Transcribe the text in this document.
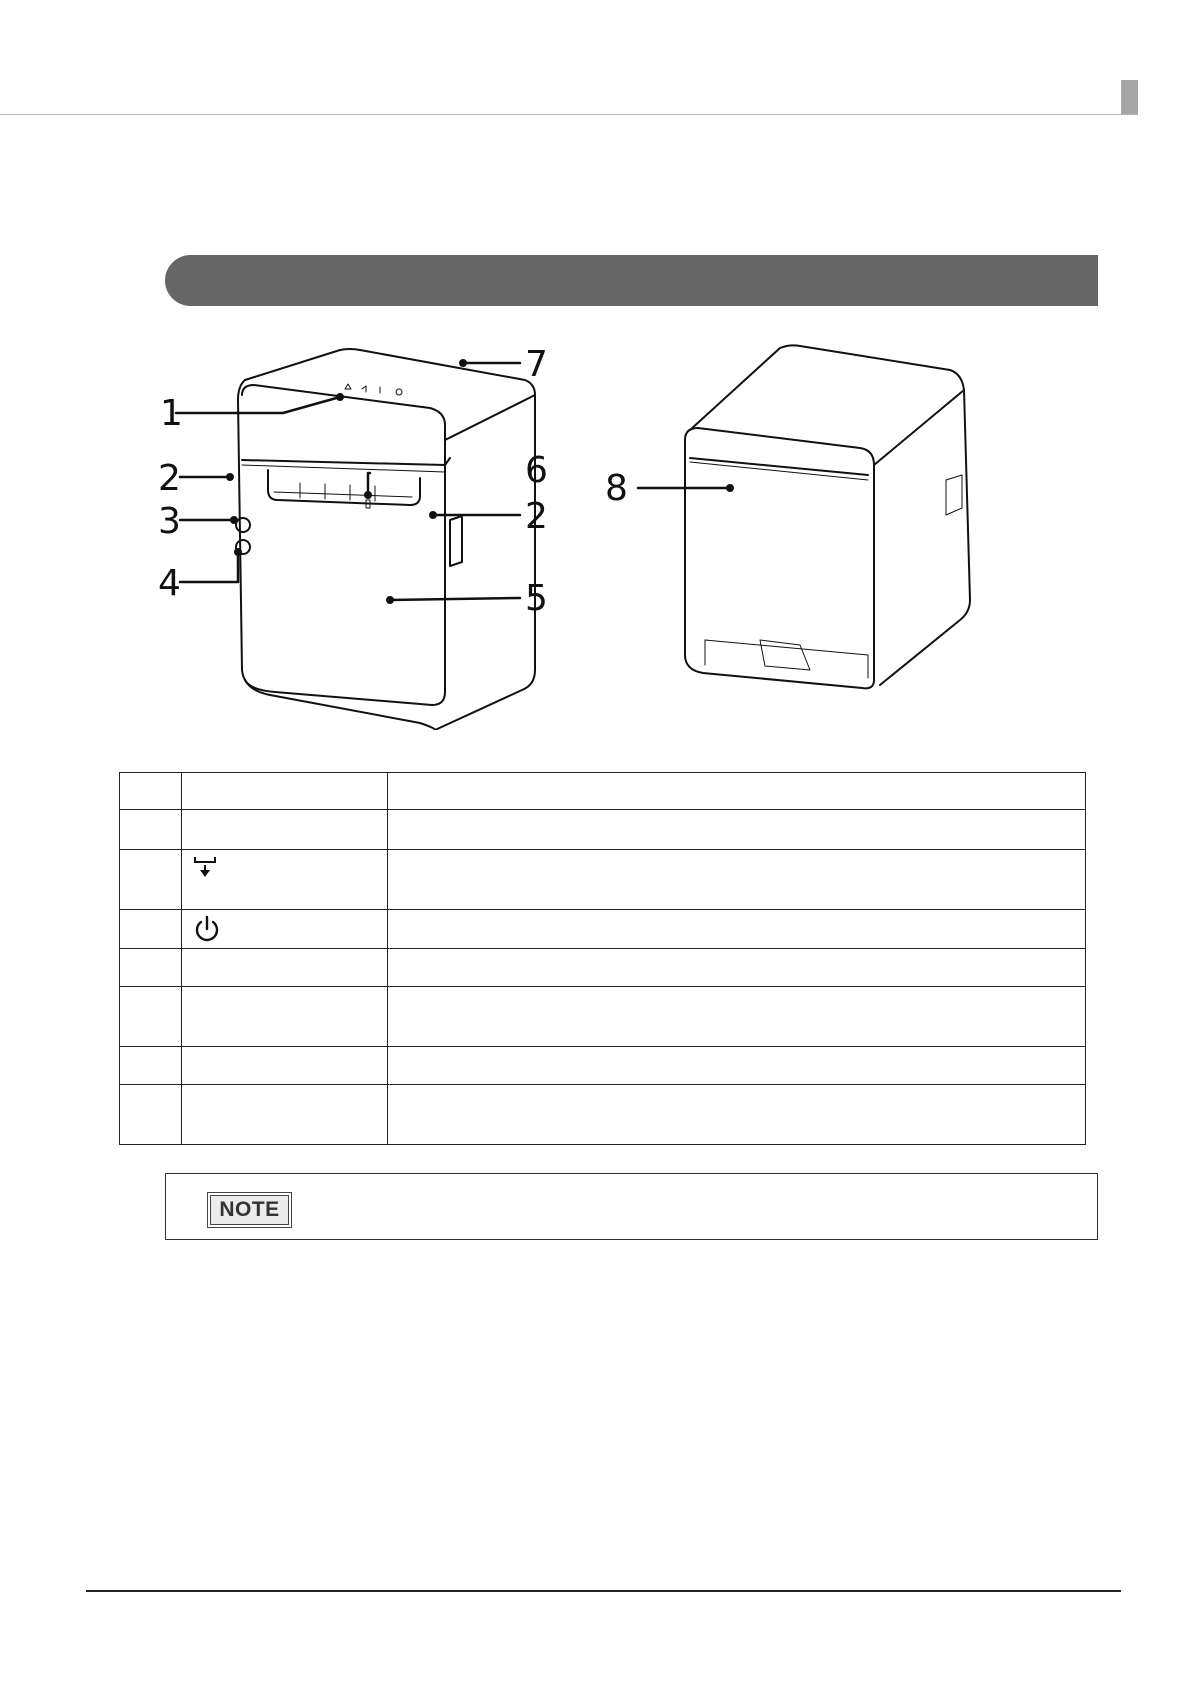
1
2
3
4	5
6
2
7
8

NOTE
